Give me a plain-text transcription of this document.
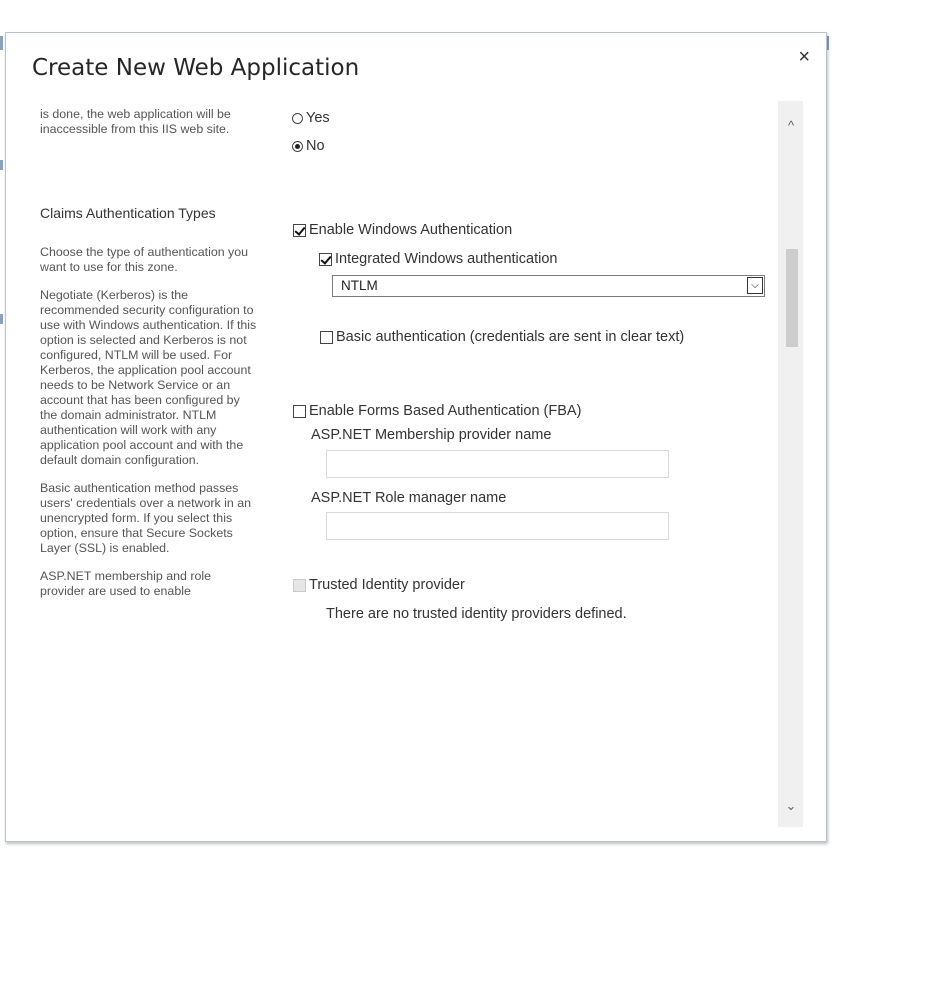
Create New Web Application	×

is done, the web application will be inaccessible from this IIS web site.

Claims Authentication Types

Choose the type of authentication you want to use for this zone.

Negotiate (Kerberos) is the recommended security configuration to use with Windows authentication. If this option is selected and Kerberos is not configured, NTLM will be used. For Kerberos, the application pool account needs to be Network Service or an account that has been configured by the domain administrator. NTLM authentication will work with any application pool account and with the default domain configuration.

Basic authentication method passes users' credentials over a network in an unencrypted form. If you select this option, ensure that Secure Sockets Layer (SSL) is enabled.

ASP.NET membership and role provider are used to enable

Yes
No
Enable Windows Authentication
Integrated Windows authentication
NTLM	⌵
Basic authentication (credentials are sent in clear text)
Enable Forms Based Authentication (FBA)
ASP.NET Membership provider name
ASP.NET Role manager name
Trusted Identity provider
There are no trusted identity providers defined.
^
⌄
